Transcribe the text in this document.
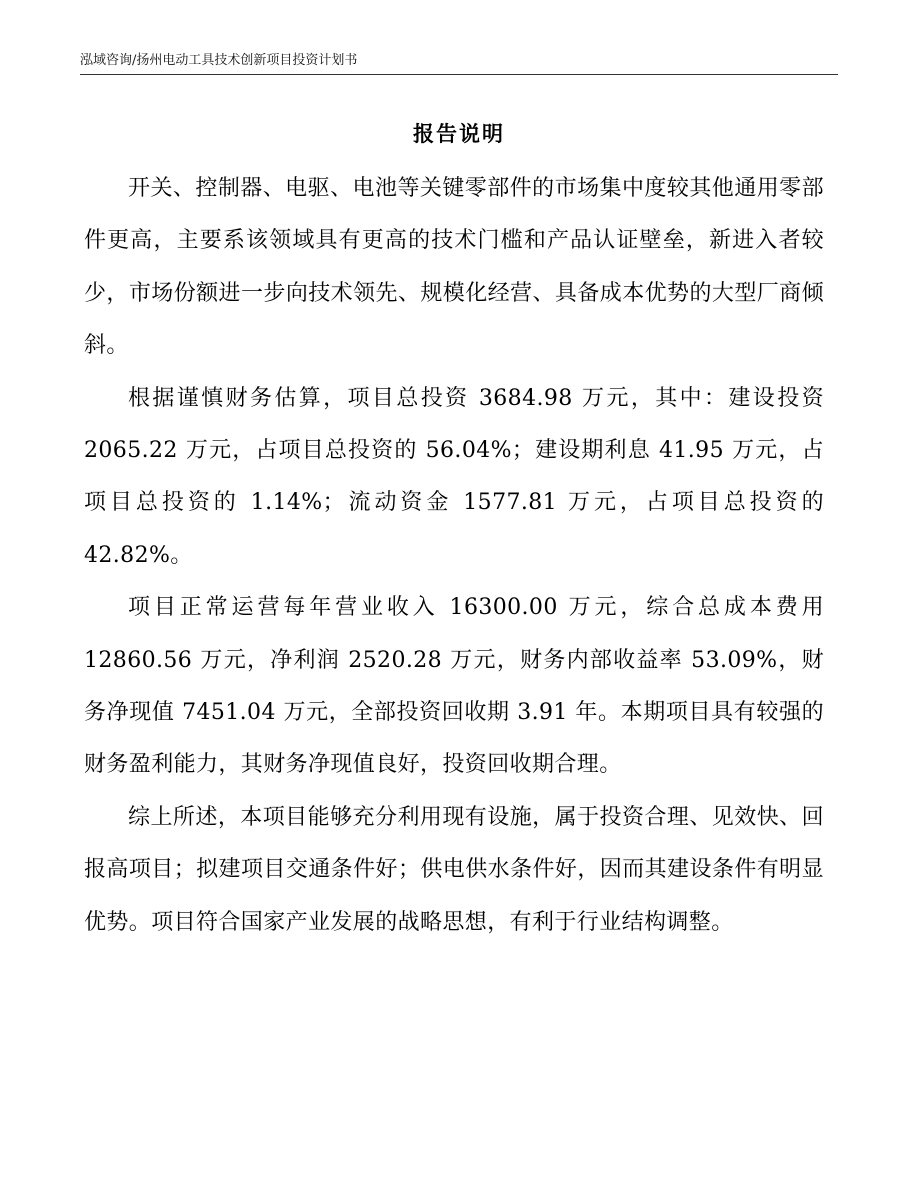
泓域咨询/扬州电动工具技术创新项目投资计划书
报告说明

开关、控制器、电驱、电池等关键零部件的市场集中度较其他通用零部件更高，主要系该领域具有更高的技术门槛和产品认证壁垒，新进入者较少，市场份额进一步向技术领先、规模化经营、具备成本优势的大型厂商倾斜。

根据谨慎财务估算，项目总投资 3684.98 万元，其中：建设投资 2065.22 万元，占项目总投资的 56.04%；建设期利息 41.95 万元，占项目总投资的 1.14%；流动资金 1577.81 万元，占项目总投资的 42.82%。

项目正常运营每年营业收入 16300.00 万元，综合总成本费用 12860.56 万元，净利润 2520.28 万元，财务内部收益率 53.09%，财务净现值 7451.04 万元，全部投资回收期 3.91 年。本期项目具有较强的财务盈利能力，其财务净现值良好，投资回收期合理。

综上所述，本项目能够充分利用现有设施，属于投资合理、见效快、回报高项目；拟建项目交通条件好；供电供水条件好，因而其建设条件有明显优势。项目符合国家产业发展的战略思想，有利于行业结构调整。
